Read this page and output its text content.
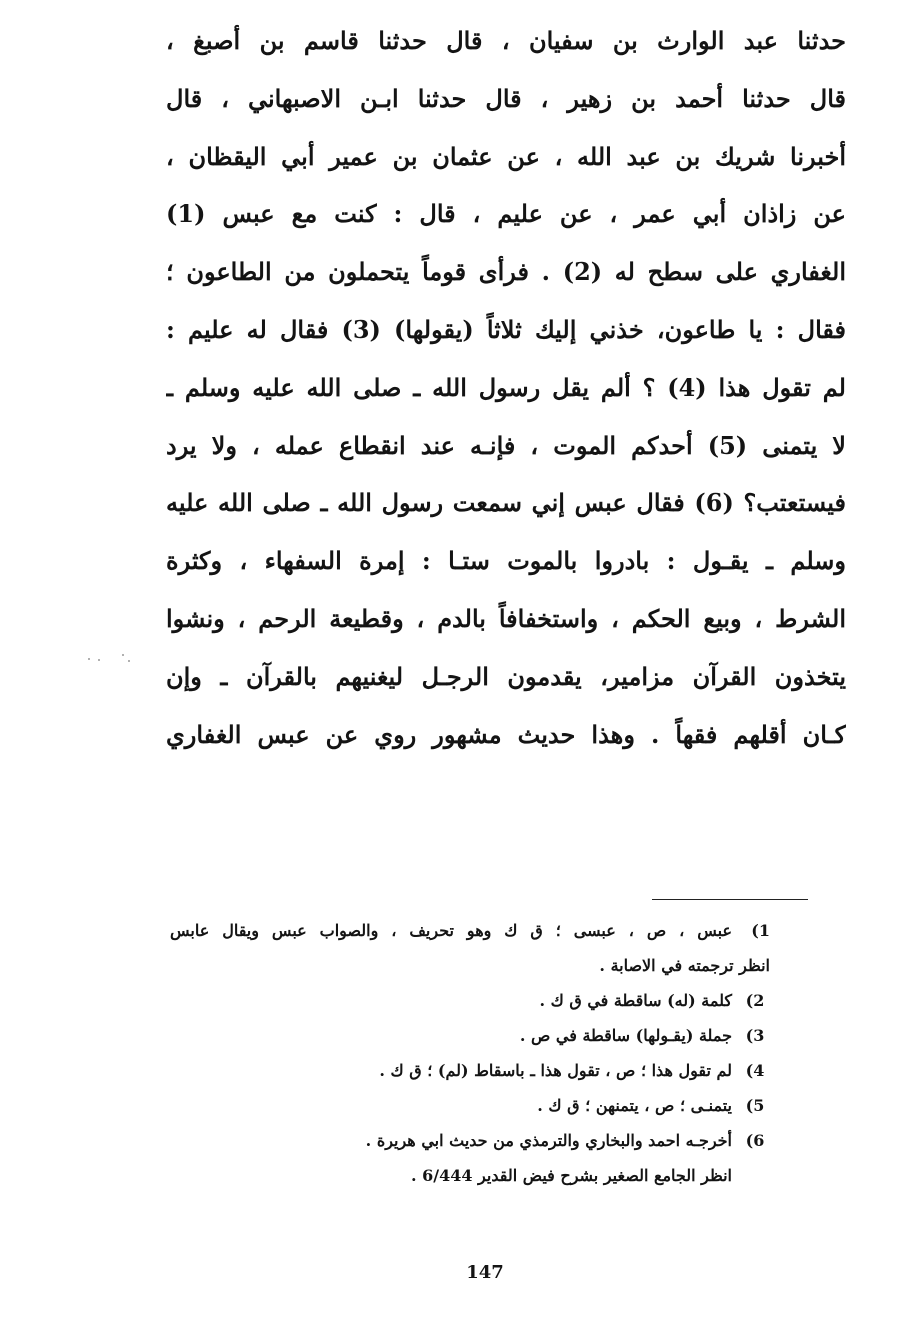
حدثنا عبد الوارث بن سفيان ، قال حدثنا قاسم بن أصبغ ،
قال حدثنا أحمد بن زهير ، قال حدثنا ابـن الاصبهاني ، قال
أخبرنا شريك بن عبد الله ، عن عثمان بن عمير أبي اليقظان ،
عن زاذان أبي عمر ، عن عليم ، قال : كنت مع عبس (1)
الغفاري على سطح له (2) . فرأى قوماً يتحملون من الطاعون ؛
فقال : يا طاعون، خذني إليك ثلاثاً (يقولها) (3) فقال له عليم :
لم تقول هذا (4) ؟ ألم يقل رسول الله ـ صلى الله عليه وسلم ـ
لا يتمنى (5) أحدكم الموت ، فإنـه عند انقطاع عمله ، ولا يرد
فيستعتب؟ (6) فقال عبس إني سمعت رسول الله ـ صلى الله عليه
وسلم ـ يقـول : بادروا بالموت ستـا : إمرة السفهاء ، وكثرة
الشرط ، وبيع الحكم ، واستخفافاً بالدم ، وقطيعة الرحم ، ونشوا
يتخذون القرآن مزامير، يقدمون الرجـل ليغنيهم بالقرآن ـ وإن
كـان أقلهم فقهاً . وهذا حديث مشهور روي عن عبس الغفاري
1)
عبس ، ص ، عبسى ؛ ق ك وهو تحريف ، والصواب عبس ويقال عابس
انظر ترجمته في الاصابة .
2)
كلمة (له) ساقطة في ق ك .
3)
جملة (يقـولها) ساقطة في ص .
4)
لم تقول هذا ؛ ص ، تقول هذا ـ باسقاط (لم) ؛ ق ك .
5)
يتمنـى ؛ ص ، يتمنهن ؛ ق ك .
6)
أخرجـه احمد والبخاري والترمذي من حديث ابي هريرة .
انظر الجامع الصغير بشرح فيض القدير 6/444 .
147
